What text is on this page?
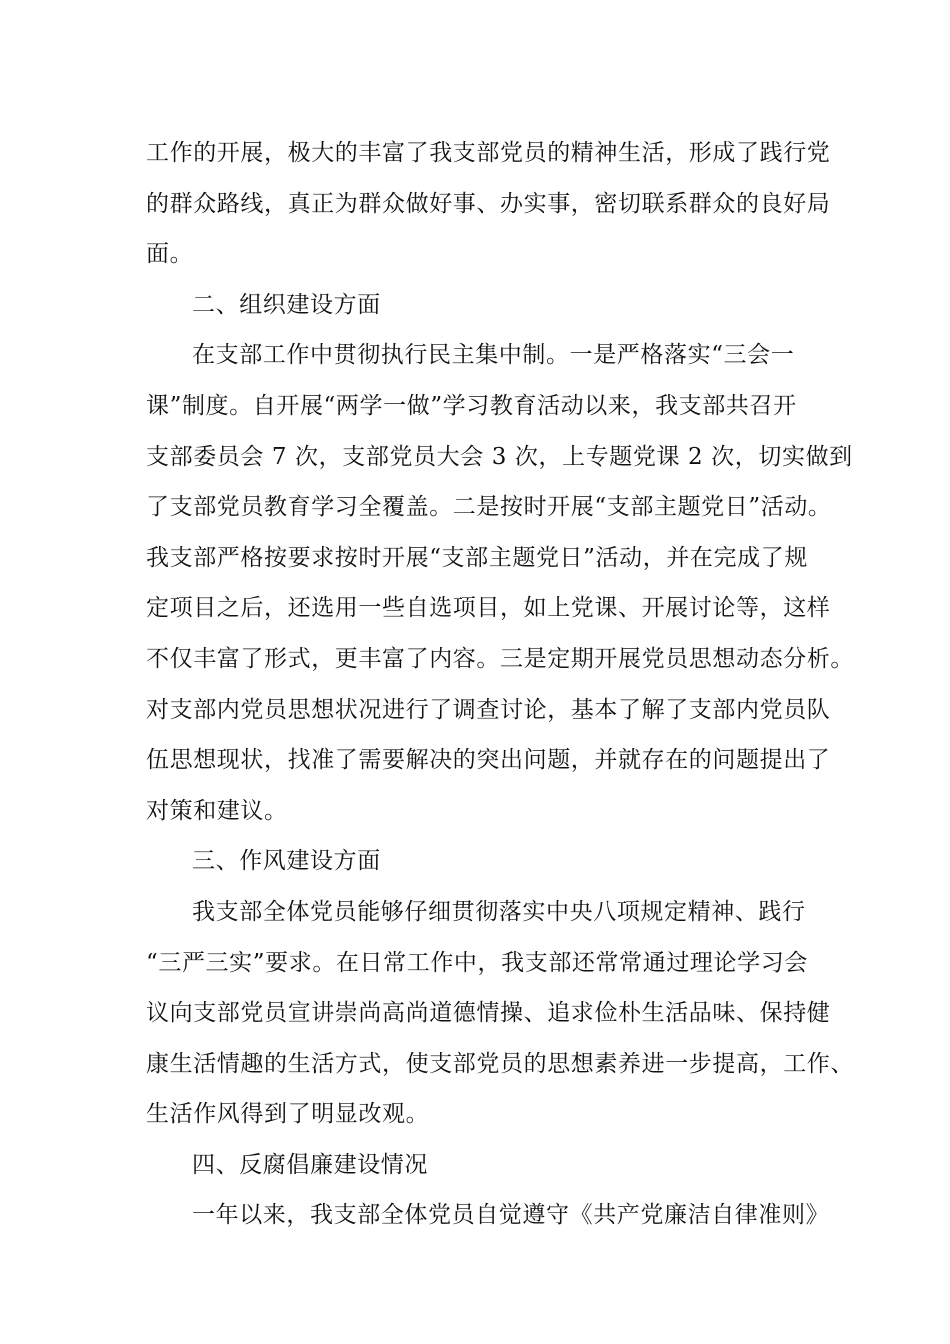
工作的开展，极大的丰富了我支部党员的精神生活，形成了践行党
的群众路线，真正为群众做好事、办实事，密切联系群众的良好局
面。
二、组织建设方面
在支部工作中贯彻执行民主集中制。一是严格落实“三会一
课”制度。自开展“两学一做”学习教育活动以来，我支部共召开
支部委员会 7 次，支部党员大会 3 次，上专题党课 2 次，切实做到
了支部党员教育学习全覆盖。二是按时开展“支部主题党日”活动。
我支部严格按要求按时开展“支部主题党日”活动，并在完成了规
定项目之后，还选用一些自选项目，如上党课、开展讨论等，这样
不仅丰富了形式，更丰富了内容。三是定期开展党员思想动态分析。
对支部内党员思想状况进行了调查讨论，基本了解了支部内党员队
伍思想现状，找准了需要解决的突出问题，并就存在的问题提出了
对策和建议。
三、作风建设方面
我支部全体党员能够仔细贯彻落实中央八项规定精神、践行
“三严三实”要求。在日常工作中，我支部还常常通过理论学习会
议向支部党员宣讲崇尚高尚道德情操、追求俭朴生活品味、保持健
康生活情趣的生活方式，使支部党员的思想素养进一步提高，工作、
生活作风得到了明显改观。
四、反腐倡廉建设情况
一年以来，我支部全体党员自觉遵守《共产党廉洁自律准则》
